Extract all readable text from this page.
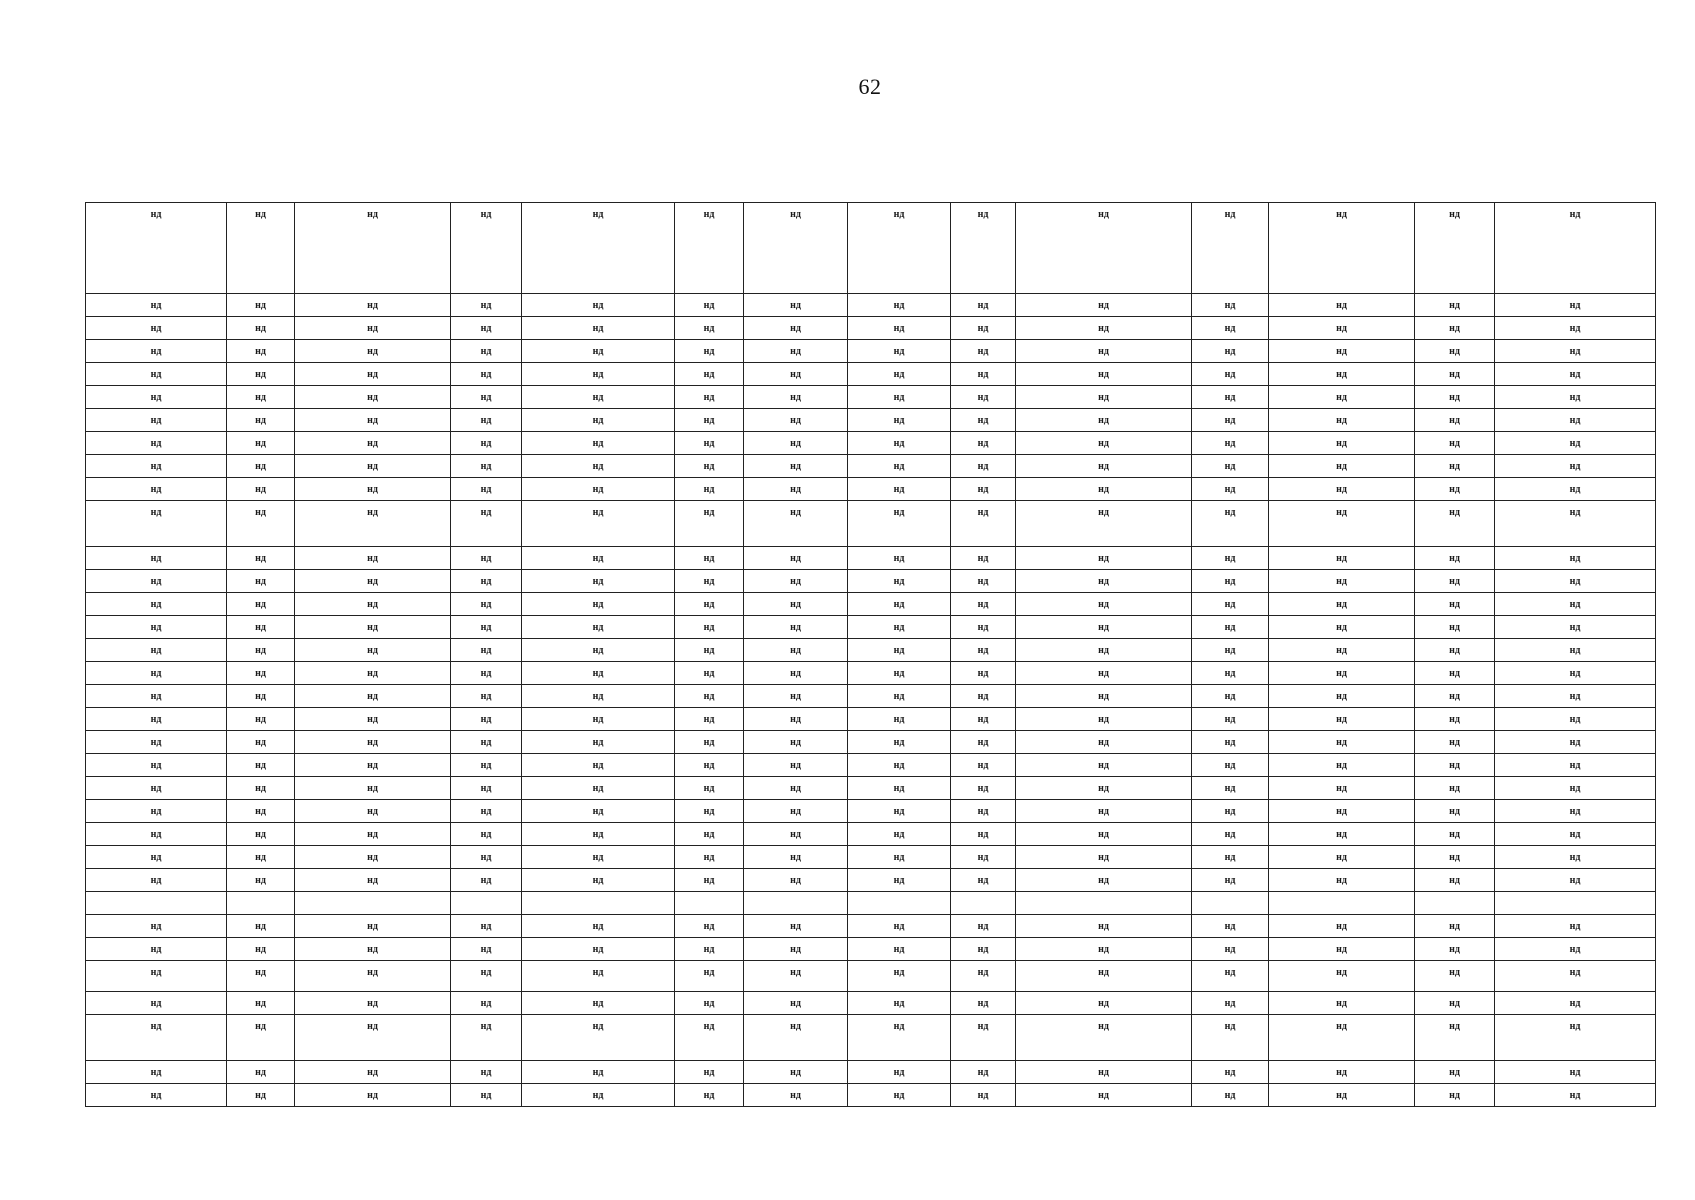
62
нд	нд	нд	нд	нд	нд	нд	нд	нд	нд	нд	нд	нд	нд
нд	нд	нд	нд	нд	нд	нд	нд	нд	нд	нд	нд	нд	нд
нд	нд	нд	нд	нд	нд	нд	нд	нд	нд	нд	нд	нд	нд
нд	нд	нд	нд	нд	нд	нд	нд	нд	нд	нд	нд	нд	нд
нд	нд	нд	нд	нд	нд	нд	нд	нд	нд	нд	нд	нд	нд
нд	нд	нд	нд	нд	нд	нд	нд	нд	нд	нд	нд	нд	нд
нд	нд	нд	нд	нд	нд	нд	нд	нд	нд	нд	нд	нд	нд
нд	нд	нд	нд	нд	нд	нд	нд	нд	нд	нд	нд	нд	нд
нд	нд	нд	нд	нд	нд	нд	нд	нд	нд	нд	нд	нд	нд
нд	нд	нд	нд	нд	нд	нд	нд	нд	нд	нд	нд	нд	нд
нд	нд	нд	нд	нд	нд	нд	нд	нд	нд	нд	нд	нд	нд
нд	нд	нд	нд	нд	нд	нд	нд	нд	нд	нд	нд	нд	нд
нд	нд	нд	нд	нд	нд	нд	нд	нд	нд	нд	нд	нд	нд
нд	нд	нд	нд	нд	нд	нд	нд	нд	нд	нд	нд	нд	нд
нд	нд	нд	нд	нд	нд	нд	нд	нд	нд	нд	нд	нд	нд
нд	нд	нд	нд	нд	нд	нд	нд	нд	нд	нд	нд	нд	нд
нд	нд	нд	нд	нд	нд	нд	нд	нд	нд	нд	нд	нд	нд
нд	нд	нд	нд	нд	нд	нд	нд	нд	нд	нд	нд	нд	нд
нд	нд	нд	нд	нд	нд	нд	нд	нд	нд	нд	нд	нд	нд
нд	нд	нд	нд	нд	нд	нд	нд	нд	нд	нд	нд	нд	нд
нд	нд	нд	нд	нд	нд	нд	нд	нд	нд	нд	нд	нд	нд
нд	нд	нд	нд	нд	нд	нд	нд	нд	нд	нд	нд	нд	нд
нд	нд	нд	нд	нд	нд	нд	нд	нд	нд	нд	нд	нд	нд
нд	нд	нд	нд	нд	нд	нд	нд	нд	нд	нд	нд	нд	нд
нд	нд	нд	нд	нд	нд	нд	нд	нд	нд	нд	нд	нд	нд
нд	нд	нд	нд	нд	нд	нд	нд	нд	нд	нд	нд	нд	нд

нд	нд	нд	нд	нд	нд	нд	нд	нд	нд	нд	нд	нд	нд
нд	нд	нд	нд	нд	нд	нд	нд	нд	нд	нд	нд	нд	нд
нд	нд	нд	нд	нд	нд	нд	нд	нд	нд	нд	нд	нд	нд
нд	нд	нд	нд	нд	нд	нд	нд	нд	нд	нд	нд	нд	нд
нд	нд	нд	нд	нд	нд	нд	нд	нд	нд	нд	нд	нд	нд
нд	нд	нд	нд	нд	нд	нд	нд	нд	нд	нд	нд	нд	нд
нд	нд	нд	нд	нд	нд	нд	нд	нд	нд	нд	нд	нд	нд
